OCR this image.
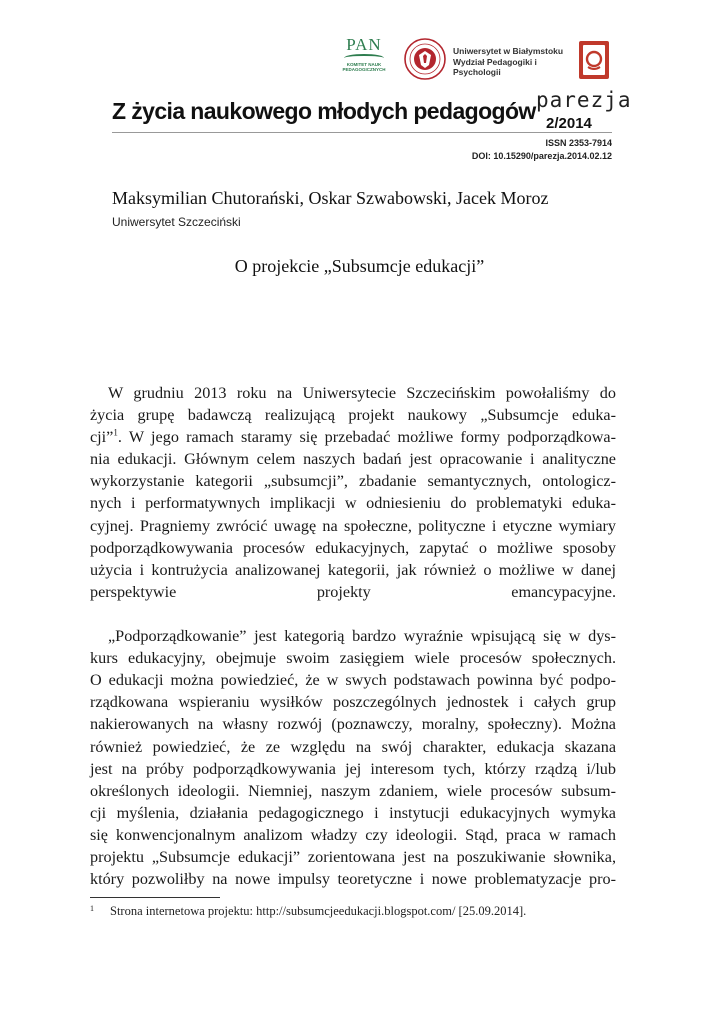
PAN
KOMITET NAUK
PEDAGOGICZNYCH
Uniwersytet w Białymstoku
Wydział Pedagogiki i Psychologii
Z życia naukowego młodych pedagogów parezja
2/2014
ISSN 2353-7914
DOI: 10.15290/parezja.2014.02.12
Maksymilian Chutorański, Oskar Szwabowski, Jacek Moroz
Uniwersytet Szczeciński
O projekcie „Subsumcje edukacji”
W grudniu 2013 roku na Uniwersytecie Szczecińskim powołaliśmy do
życia grupę badawczą realizującą projekt naukowy „Subsumcje eduka-
cji”$^1$. W jego ramach staramy się przebadać możliwe formy podporządkowa-
nia edukacji. Głównym celem naszych badań jest opracowanie i analityczne
wykorzystanie kategorii „subsumcji”, zbadanie semantycznych, ontologicz-
nych i performatywnych implikacji w odniesieniu do problematyki eduka-
cyjnej. Pragniemy zwrócić uwagę na społeczne, polityczne i etyczne wymiary
podporządkowywania procesów edukacyjnych, zapytać o możliwe sposoby
użycia i kontrużycia analizowanej kategorii, jak również o możliwe w danej
perspektywie projekty emancypacyjne.
„Podporządkowanie” jest kategorią bardzo wyraźnie wpisującą się w dys-
kurs edukacyjny, obejmuje swoim zasięgiem wiele procesów społecznych.
O edukacji można powiedzieć, że w swych podstawach powinna być podpo-
rządkowana wspieraniu wysiłków poszczególnych jednostek i całych grup
nakierowanych na własny rozwój (poznawczy, moralny, społeczny). Można
również powiedzieć, że ze względu na swój charakter, edukacja skazana
jest na próby podporządkowywania jej interesom tych, którzy rządzą i/lub
określonych ideologii. Niemniej, naszym zdaniem, wiele procesów subsum-
cji myślenia, działania pedagogicznego i instytucji edukacyjnych wymyka
się konwencjonalnym analizom władzy czy ideologii. Stąd, praca w ramach
projektu „Subsumcje edukacji” zorientowana jest na poszukiwanie słownika,
który pozwoliłby na nowe impulsy teoretyczne i nowe problematyzacje pro-
1 Strona internetowa projektu: http://subsumcjeedukacji.blogspot.com/ [25.09.2014].
